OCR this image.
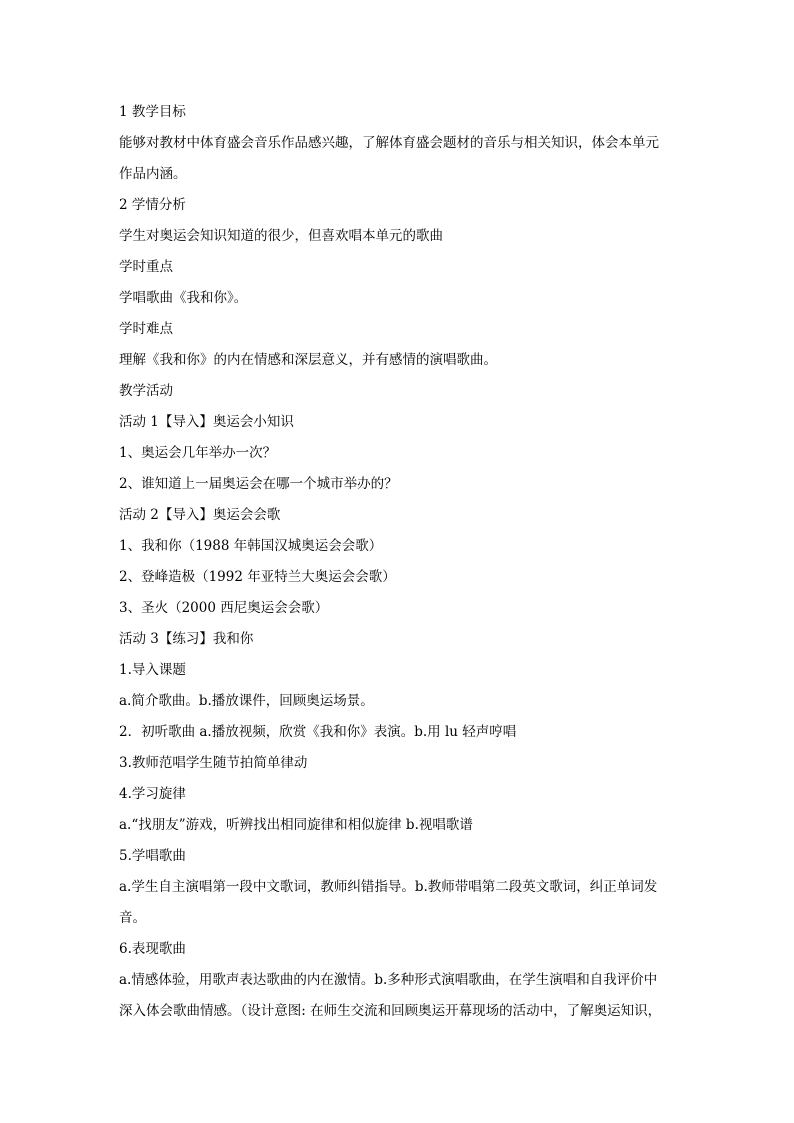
1 教学目标

能够对教材中体育盛会音乐作品感兴趣，了解体育盛会题材的音乐与相关知识，体会本单元

作品内涵。

2 学情分析

学生对奥运会知识知道的很少，但喜欢唱本单元的歌曲

学时重点

学唱歌曲《我和你》。

学时难点

理解《我和你》的内在情感和深层意义，并有感情的演唱歌曲。

教学活动

活动 1【导入】奥运会小知识

1、奥运会几年举办一次？

2、谁知道上一届奥运会在哪一个城市举办的？

活动 2【导入】奥运会会歌

1、我和你（1988 年韩国汉城奥运会会歌）

2、登峰造极（1992 年亚特兰大奥运会会歌）

3、圣火（2000 西尼奥运会会歌）

活动 3【练习】我和你

1.导入课题

a.简介歌曲。b.播放课件，回顾奥运场景。

2．初听歌曲 a.播放视频，欣赏《我和你》表演。b.用 lu 轻声哼唱

3.教师范唱学生随节拍简单律动

4.学习旋律

a.“找朋友”游戏，听辨找出相同旋律和相似旋律 b.视唱歌谱

5.学唱歌曲

a.学生自主演唱第一段中文歌词，教师纠错指导。b.教师带唱第二段英文歌词，纠正单词发

音。

6.表现歌曲

a.情感体验，用歌声表达歌曲的内在激情。b.多种形式演唱歌曲，在学生演唱和自我评价中

深入体会歌曲情感。（设计意图: 在师生交流和回顾奥运开幕现场的活动中，了解奥运知识，
